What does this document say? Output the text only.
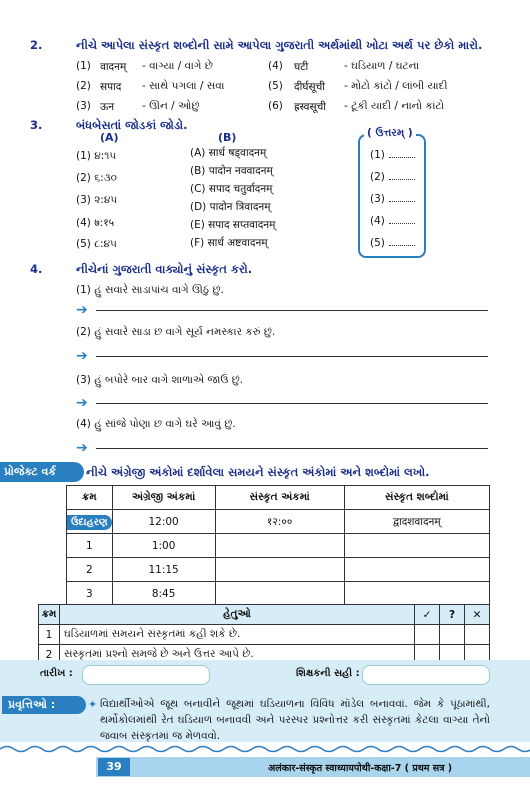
2.	નીચે આપેલા સંસ્કૃત શબ્દોની સામે આપેલા ગુજરાતી અર્થમાંથી ખોટા અર્થ પર છેકો મારો.
(1) वादनम् - વાગ્યા / વાગે છે
(2) सपाद - સાથે પગલાં / સવા
(3) ऊन	- ઊન / ઓછું
(4) घटी	- ઘડિયાળ / ઘટના
(5) दीर्घसूची - મોટો કાંટો / લાંબી યાદી
(6) ह्रस्वसूची - ટૂંકી યાદી / નાનો કાંટો
3.	બંધબેસતાં જોડકાં જોડો.
(A)	(B)
(1) ૪:૧૫
(2) ૬:૩૦
(3) ૨:૪૫
(4) ७:१५
(5) ૮:૪૫
(A) सार्ध षड्वादनम्
(B) पादोन नववादनम्
(C) सपाद चतुर्वादनम्
(D) पादोन त्रिवादनम्
(E) सपाद सप्तवादनम्
(F) सार्ध अष्टवादनम्
( ઉત્તરમ્ )
(1)
(2)
(3)
(4)
(5)
4.	નીચેનાં ગુજરાતી વાક્યોનું સંસ્કૃત કરો.
(1) હું સવારે સાડાપાંચ વાગે ઊઠું છું.
➔
(2) હું સવારે સાડા છ વાગે સૂર્ય નમસ્કાર કરું છું.
➔
(3) હું બપોરે બાર વાગે શાળાએ જાઉં છું.
➔
(4) હું સાંજે પોણા છ વાગે ઘરે આવું છું.
➔
પ્રોજેક્ટ વર્ક	નીચે અંગ્રેજી અંકોમાં દર્શાવેલા સમયને સંસ્કૃત અંકોમાં અને શબ્દોમાં લખો.
ક્રમ	અંગ્રેજી અંકમાં	સંસ્કૃત અંકમાં	સંસ્કૃત શબ્દોમાં
ઉદાહરણ	12:00	१२:००	द्वादशवादनम्
1	1:00		
2	11:15		
3	8:45		
ક્રમ	હેતુઓ	✓	?	✕
1	ઘડિયાળમાં સમયને સંસ્કૃતમાં કહી શકે છે.			
2	સંસ્કૃતમાં પ્રશ્નો સમજે છે અને ઉત્તર આપે છે.			
તારીખ :	શિક્ષકની સહી :
પ્રવૃત્તિઓ :	✦ વિદ્યાર્થીઓએ જૂથ બનાવીને જૂથમાં ઘડિયાળના વિવિધ મૉડેલ બનાવવાં. જેમ કે પૂંઠામાંથી, થર્મોકોલમાંથી રેત ઘડિયાળ બનાવવી અને પરસ્પર પ્રશ્નોત્તર કરી સંસ્કૃતમાં કેટલા વાગ્યા તેનો જવાબ સંસ્કૃતમાં જ મેળવવો.
39	अलंकार-संस्कृत स्वाध्यायपोथी-कक्षा-7 ( प्रथम सत्र )
